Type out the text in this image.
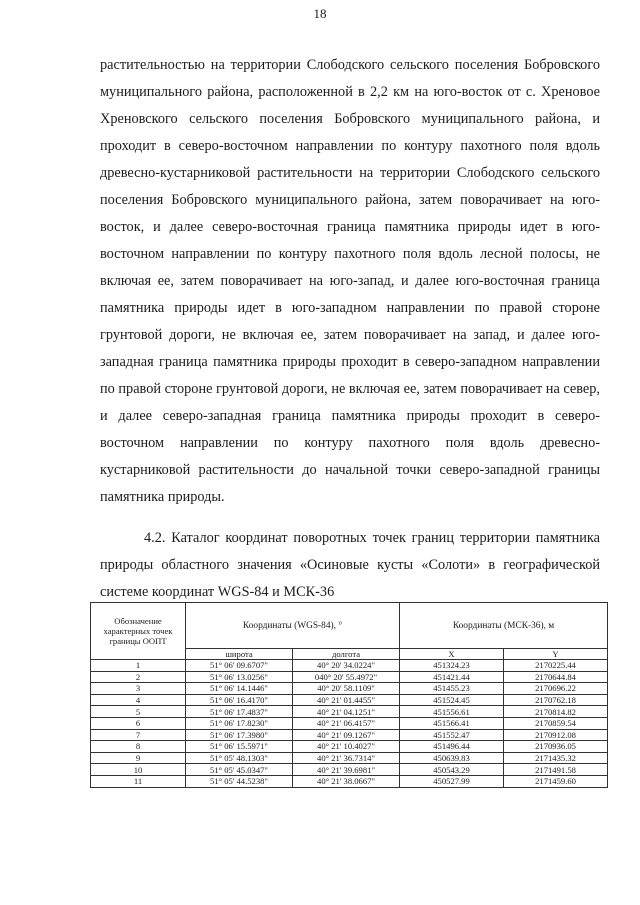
18

растительностью на территории Слободского сельского поселения Бобровского муниципального района, расположенной в 2,2 км на юго-восток от с. Хреновое Хреновского сельского поселения Бобровского муниципального района, и проходит в северо-восточном направлении по контуру пахотного поля вдоль древесно-кустарниковой растительности на территории Слободского сельского поселения Бобровского муниципального района, затем поворачивает на юго-восток, и далее северо-восточная граница памятника природы идет в юго-восточном направлении по контуру пахотного поля вдоль лесной полосы, не включая ее, затем поворачивает на юго-запад, и далее юго-восточная граница памятника природы идет в юго-западном направлении по правой стороне грунтовой дороги, не включая ее, затем поворачивает на запад, и далее юго-западная граница памятника природы проходит в северо-западном направлении по правой стороне грунтовой дороги, не включая ее, затем поворачивает на север, и далее северо-западная граница памятника природы проходит в северо-восточном направлении по контуру пахотного поля вдоль древесно-кустарниковой растительности до начальной точки северо-западной границы памятника природы.

4.2. Каталог координат поворотных точек границ территории памятника природы областного значения «Осиновые кусты «Солоти» в географической системе координат WGS-84 и МСК-36

Обозначение характерных точек границы ООПТ	Координаты (WGS-84), °		Координаты (МСК-36), м	
	широта	долгота	X	Y
1	51° 06' 09.6707"	40° 20' 34.0224"	451324.23	2170225.44
2	51° 06' 13.0256"	040° 20' 55.4972"	451421.44	2170644.84
3	51° 06' 14.1446"	40° 20' 58.1109"	451455.23	2170696.22
4	51° 06' 16.4170"	40° 21' 01.4455"	451524.45	2170762.18
5	51° 06' 17.4837"	40° 21' 04.1251"	451556.61	2170814.82
6	51° 06' 17.8230"	40° 21' 06.4157"	451566.41	2170859.54
7	51° 06' 17.3980"	40° 21' 09.1267"	451552.47	2170912.08
8	51° 06' 15.5971"	40° 21' 10.4027"	451496.44	2170936.05
9	51° 05' 48.1303"	40° 21' 36.7314"	450639.83	2171435.32
10	51° 05' 45.0347"	40° 21' 39.6981"	450543.29	2171491.58
11	51° 05' 44.5238"	40° 21' 38.0667"	450527.99	2171459.60
